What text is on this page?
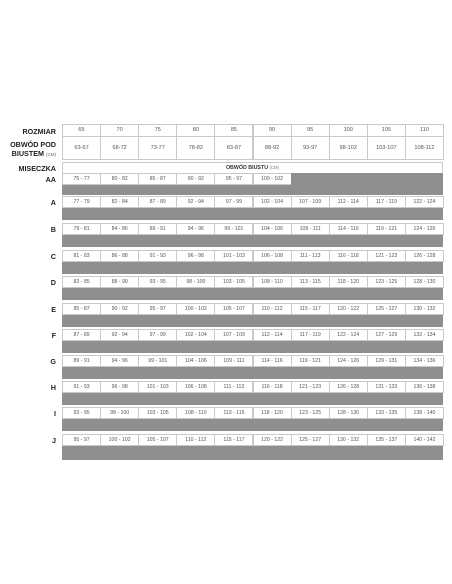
ROZMIAR
OBWÓD POD
BIUSTEM (CM)
MISECZKA
65	70	75	80	85	90	95	100	105	110
63-67	68-72	73-77	78-82	83-87	88-92	93-97	98-102	103-107	108-112
OBWÓD BIUSTU (CM)
AA	75 - 77	80 - 82	85 - 87	90 - 92	95 - 97	100 - 102
A	77 - 79	82 - 84	87 - 89	92 - 94	97 - 99	102 - 104	107 - 109	112 - 114	117 - 119	122 - 124
B	79 - 81	84 - 86	89 - 91	94 - 96	99 - 101	104 - 106	109 - 111	114 - 116	119 - 121	124 - 126
C	81 - 83	86 - 88	91 - 93	96 - 98	101 - 103	106 - 108	111 - 113	116 - 118	121 - 123	126 - 128
D	83 - 85	88 - 90	93 - 95	98 - 100	103 - 105	108 - 110	113 - 115	118 - 120	123 - 125	128 - 130
E	85 - 87	90 - 92	95 - 97	100 - 102	105 - 107	110 - 112	115 - 117	120 - 122	125 - 127	130 - 132
F	87 - 89	92 - 94	97 - 99	102 - 104	107 - 109	112 - 114	117 - 119	122 - 124	127 - 129	132 - 134
G	89 - 91	94 - 96	99 - 101	104 - 106	109 - 111	114 - 116	119 - 121	124 - 126	129 - 131	134 - 136
H	91 - 93	96 - 98	101 - 103	106 - 108	111 - 113	116 - 118	121 - 123	126 - 128	131 - 133	136 - 138
I	93 - 95	98 - 100	103 - 105	108 - 110	113 - 115	118 - 120	123 - 125	128 - 130	133 - 135	138 - 140
J	95 - 97	100 - 102	105 - 107	110 - 112	115 - 117	120 - 122	125 - 127	130 - 132	135 - 137	140 - 142
